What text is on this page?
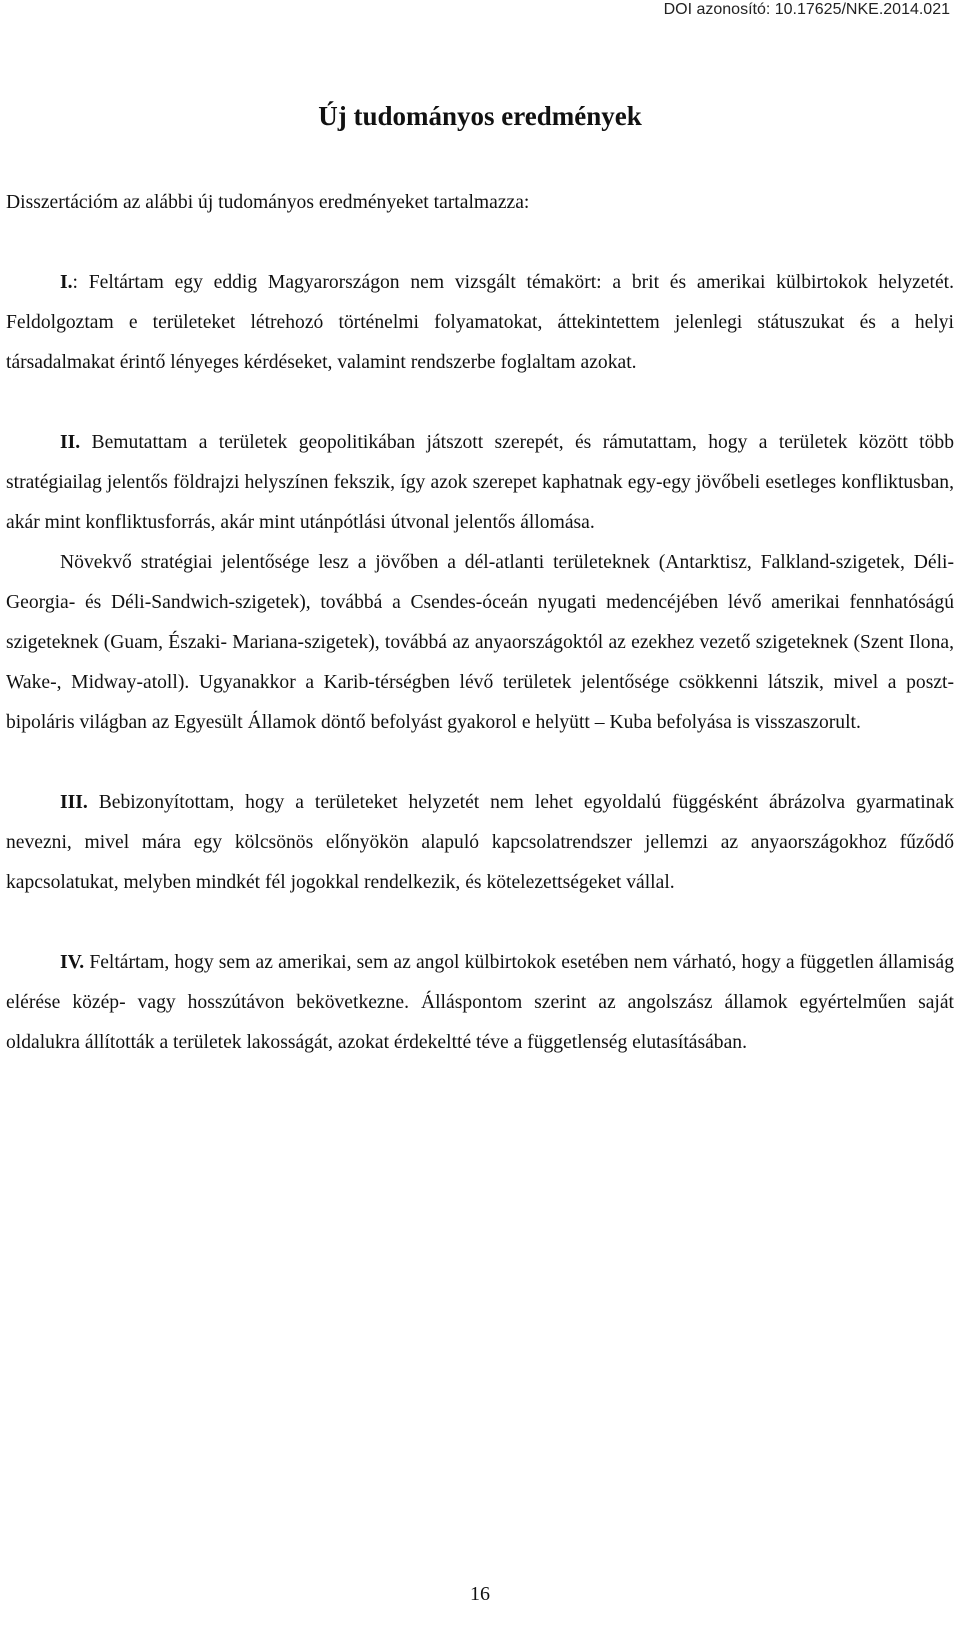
DOI azonosító: 10.17625/NKE.2014.021
Új tudományos eredmények

Disszertációm az alábbi új tudományos eredményeket tartalmazza:

I.: Feltártam egy eddig Magyarországon nem vizsgált témakört: a brit és amerikai külbirtokok helyzetét. Feldolgoztam e területeket létrehozó történelmi folyamatokat, áttekintettem jelenlegi státuszukat és a helyi társadalmakat érintő lényeges kérdéseket, valamint rendszerbe foglaltam azokat.

II. Bemutattam a területek geopolitikában játszott szerepét, és rámutattam, hogy a területek között több stratégiailag jelentős földrajzi helyszínen fekszik, így azok szerepet kaphatnak egy-egy jövőbeli esetleges konfliktusban, akár mint konfliktusforrás, akár mint utánpótlási útvonal jelentős állomása.

Növekvő stratégiai jelentősége lesz a jövőben a dél-atlanti területeknek (Antarktisz, Falkland-szigetek, Déli-Georgia- és Déli-Sandwich-szigetek), továbbá a Csendes-óceán nyugati medencéjében lévő amerikai fennhatóságú szigeteknek (Guam, Északi- Mariana-szigetek), továbbá az anyaországoktól az ezekhez vezető szigeteknek (Szent Ilona, Wake-, Midway-atoll). Ugyanakkor a Karib-térségben lévő területek jelentősége csökkenni látszik, mivel a poszt-bipoláris világban az Egyesült Államok döntő befolyást gyakorol e helyütt – Kuba befolyása is visszaszorult.

III. Bebizonyítottam, hogy a területeket helyzetét nem lehet egyoldalú függésként ábrázolva gyarmatinak nevezni, mivel mára egy kölcsönös előnyökön alapuló kapcsolatrendszer jellemzi az anyaországokhoz fűződő kapcsolatukat, melyben mindkét fél jogokkal rendelkezik, és kötelezettségeket vállal.

IV. Feltártam, hogy sem az amerikai, sem az angol külbirtokok esetében nem várható, hogy a független államiság elérése közép- vagy hosszútávon bekövetkezne. Álláspontom szerint az angolszász államok egyértelműen saját oldalukra állították a területek lakosságát, azokat érdekeltté téve a függetlenség elutasításában.

16
